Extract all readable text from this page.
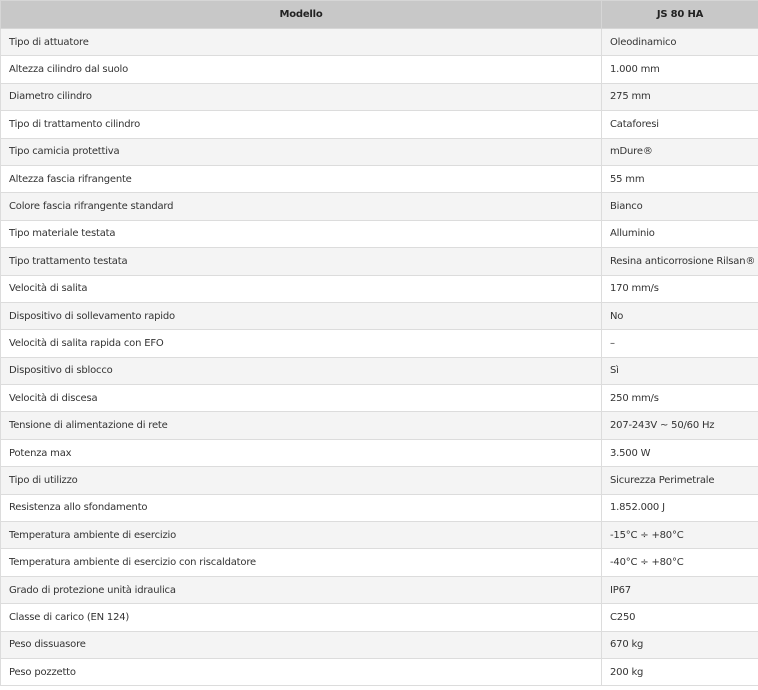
Modello	JS 80 HA
Tipo di attuatore	Oleodinamico
Altezza cilindro dal suolo	1.000 mm
Diametro cilindro	275 mm
Tipo di trattamento cilindro	Cataforesi
Tipo camicia protettiva	mDure®
Altezza fascia rifrangente	55 mm
Colore fascia rifrangente standard	Bianco
Tipo materiale testata	Alluminio
Tipo trattamento testata	Resina anticorrosione Rilsan®
Velocità di salita	170 mm/s
Dispositivo di sollevamento rapido	No
Velocità di salita rapida con EFO	–
Dispositivo di sblocco	Sì
Velocità di discesa	250 mm/s
Tensione di alimentazione di rete	207-243V ~ 50/60 Hz
Potenza max	3.500 W
Tipo di utilizzo	Sicurezza Perimetrale
Resistenza allo sfondamento	1.852.000 J
Temperatura ambiente di esercizio	-15°C ÷ +80°C
Temperatura ambiente di esercizio con riscaldatore	-40°C ÷ +80°C
Grado di protezione unità idraulica	IP67
Classe di carico (EN 124)	C250
Peso dissuasore	670 kg
Peso pozzetto	200 kg
